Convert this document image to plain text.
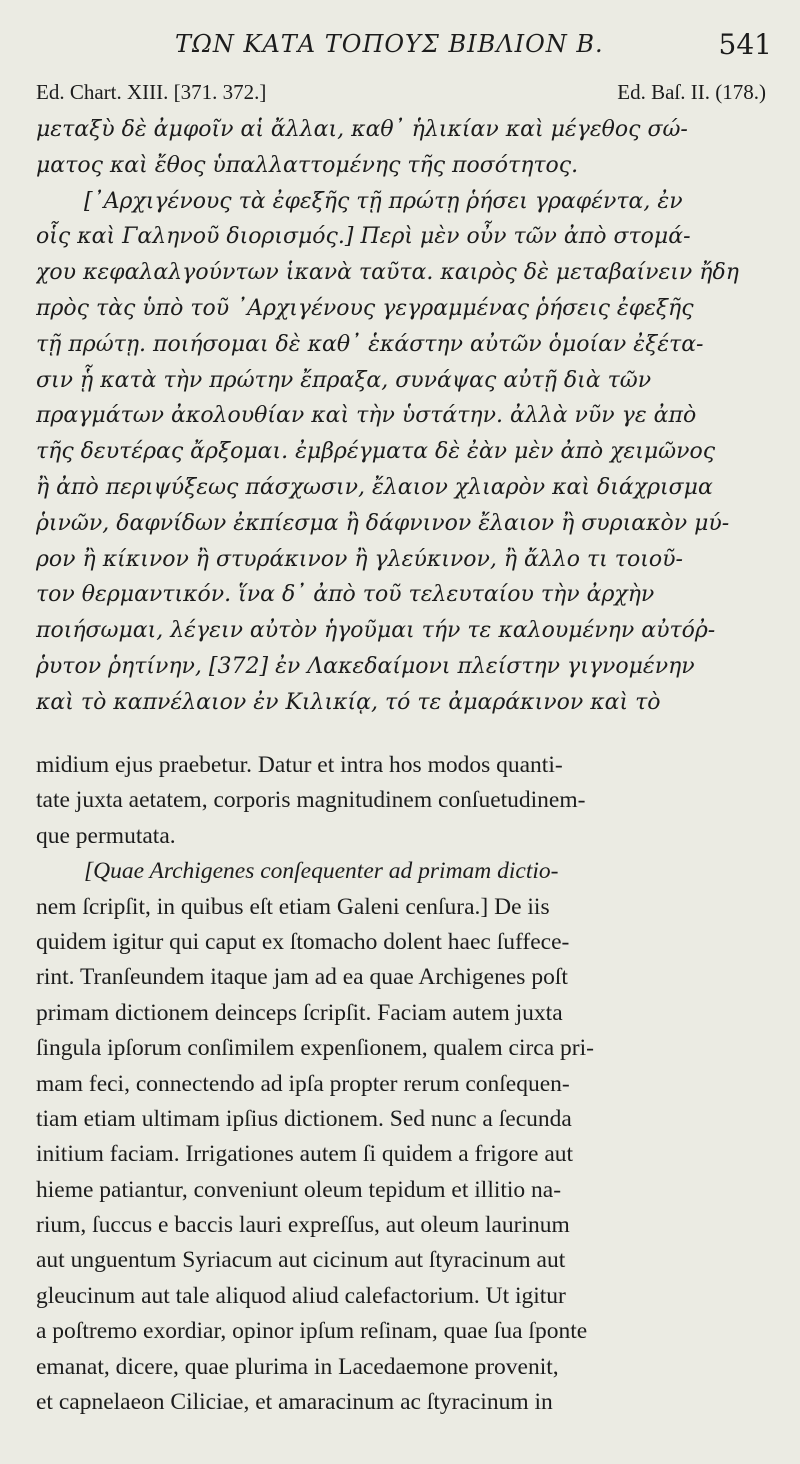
ΤΩΝ ΚΑΤΑ ΤΟΠΟΥΣ ΒΙΒΛΙΟΝ Β.	541
Ed. Chart. XIII. [371. 372.]	Ed. Baſ. II. (178.)
μεταξὺ δὲ ἀμφοῖν αἱ ἄλλαι, καθ᾽ ἡλικίαν καὶ μέγεθος σώ-
ματος καὶ ἔθος ὑπαλλαττομένης τῆς ποσότητος.
[᾿Αρχιγένους τὰ ἐφεξῆς τῇ πρώτῃ ῥήσει γραφέντα, ἐν
οἷς καὶ Γαληνοῦ διορισμός.] Περὶ μὲν οὖν τῶν ἀπὸ στομά-
χου κεφαλαλγούντων ἱκανὰ ταῦτα. καιρὸς δὲ μεταβαίνειν ἤδη
πρὸς τὰς ὑπὸ τοῦ ᾿Αρχιγένους γεγραμμένας ῥήσεις ἐφεξῆς
τῇ πρώτῃ. ποιήσομαι δὲ καθ᾽ ἑκάστην αὐτῶν ὁμοίαν ἐξέτα-
σιν ᾗ κατὰ τὴν πρώτην ἔπραξα, συνάψας αὐτῇ διὰ τῶν
πραγμάτων ἀκολουθίαν καὶ τὴν ὑστάτην. ἀλλὰ νῦν γε ἀπὸ
τῆς δευτέρας ἄρξομαι. ἐμβρέγματα δὲ ἐὰν μὲν ἀπὸ χειμῶνος
ἢ ἀπὸ περιψύξεως πάσχωσιν, ἔλαιον χλιαρὸν καὶ διάχρισμα
ῥινῶν, δαφνίδων ἐκπίεσμα ἢ δάφνινον ἔλαιον ἢ συριακὸν μύ-
ρον ἢ κίκινον ἢ στυράκινον ἢ γλεύκινον, ἢ ἄλλο τι τοιοῦ-
τον θερμαντικόν. ἵνα δ᾽ ἀπὸ τοῦ τελευταίου τὴν ἀρχὴν
ποιήσωμαι, λέγειν αὐτὸν ἡγοῦμαι τήν τε καλουμένην αὐτόῤ-
ῥυτον ῥητίνην, [372] ἐν Λακεδαίμονι πλείστην γιγνομένην
καὶ τὸ καπνέλαιον ἐν Κιλικίᾳ, τό τε ἀμαράκινον καὶ τὸ
midium ejus praebetur. Datur et intra hos modos quanti-
tate juxta aetatem, corporis magnitudinem conſuetudinem-
que permutata.
[Quae Archigenes conſequenter ad primam dictio-
nem ſcripſit, in quibus eſt etiam Galeni cenſura.] De iis
quidem igitur qui caput ex ſtomacho dolent haec ſuffece-
rint. Tranſeundem itaque jam ad ea quae Archigenes poſt
primam dictionem deinceps ſcripſit. Faciam autem juxta
ſingula ipſorum conſimilem expenſionem, qualem circa pri-
mam feci, connectendo ad ipſa propter rerum conſequen-
tiam etiam ultimam ipſius dictionem. Sed nunc a ſecunda
initium faciam. Irrigationes autem ſi quidem a frigore aut
hieme patiantur, conveniunt oleum tepidum et illitio na-
rium, ſuccus e baccis lauri expreſſus, aut oleum laurinum
aut unguentum Syriacum aut cicinum aut ſtyracinum aut
gleucinum aut tale aliquod aliud calefactorium. Ut igitur
a poſtremo exordiar, opinor ipſum reſinam, quae ſua ſponte
emanat, dicere, quae plurima in Lacedaemone provenit,
et capnelaeon Ciliciae, et amaracinum ac ſtyracinum in
